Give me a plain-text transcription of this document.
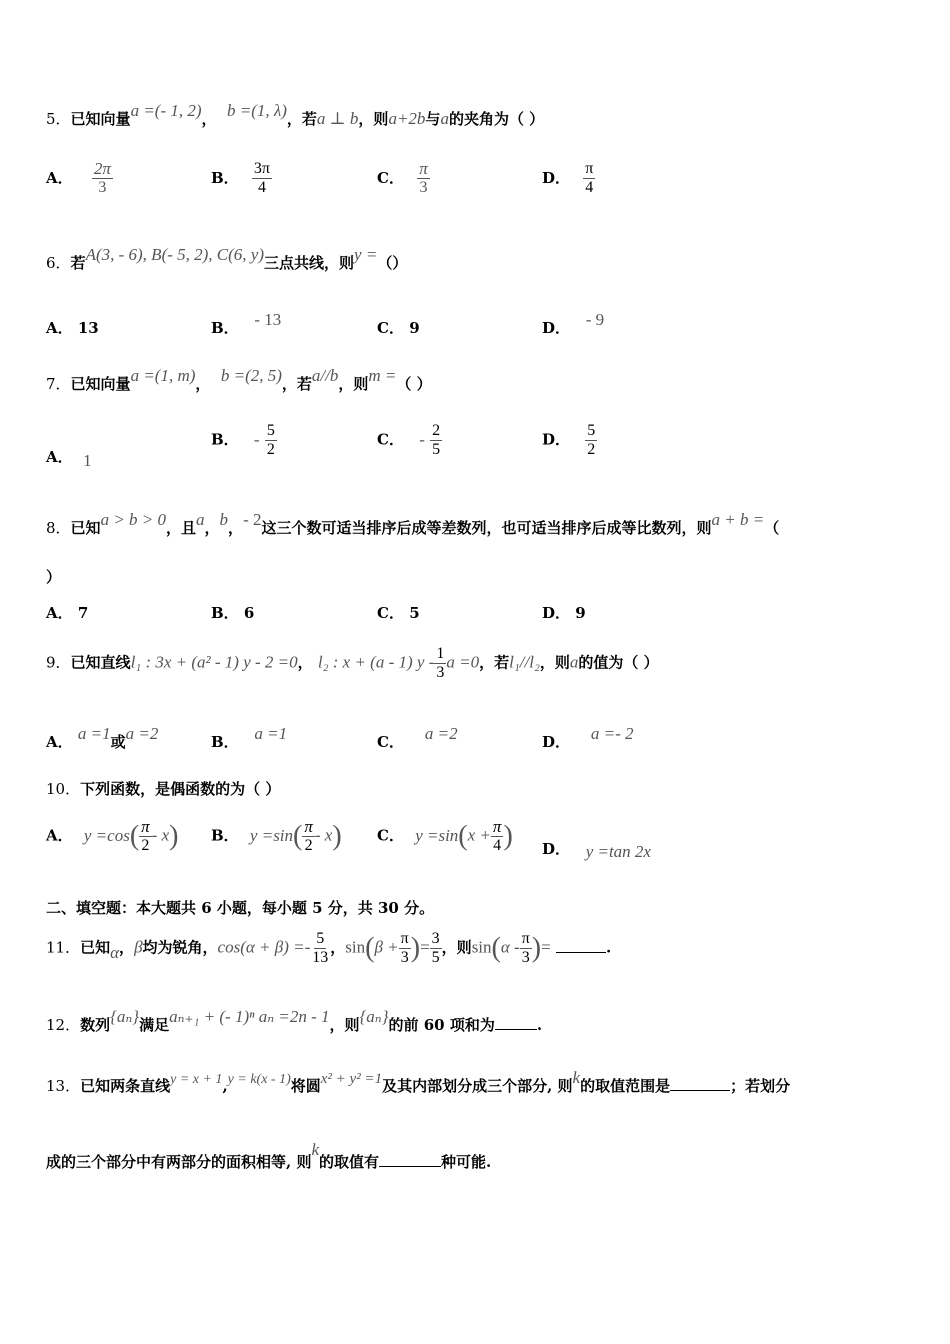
5．已知向量a =(- 1, 2)，  b =(1, λ)，若a ⊥ b，则a+2b与a的夹角为（ ）
A． $\frac{2\pi}{3}$	B． $\frac{3\pi}{4}$	C． $\frac{\pi}{3}$	D． $\frac{\pi}{4}$
6．若A(3, - 6), B(- 5, 2), C(6, y)三点共线，则y =（）
A． 13	B． - 13	C． 9	D． - 9
7．已知向量a =(1, m)，  b =(2, 5)，若a//b，则m =（ ）
A． 1
B． - $\frac{5}{2}$	C． - $\frac{2}{5}$	D． $\frac{5}{2}$
8．已知a > b > 0，且a，b，- 2这三个数可适当排序后成等差数列，也可适当排序后成等比数列，则a + b =（
）
A． 7	B． 6	C． 5	D． 9
9．已知直线l₁ : 3x + (a² - 1) y - 2 =0， l₂ : x + (a - 1) y - $\frac{1}{3}$ a =0，若l₁//l₂，则a的值为（ ）
A． a =1或a =2	B． a =1	C． a =2	D． a =- 2
10．下列函数，是偶函数的为（ ）
A． $y =\cos( \frac{\pi}{2} - x)$ B． $y =\sin( \frac{\pi}{2} - x)$ C． $y =\sin(x + \frac{\pi}{4}$ ) D． y =tan 2x
二、填空题：本大题共 6 小题，每小题 5 分，共 30 分。
11．已知α，β均为锐角，$\cos(\alpha + \beta) =- \frac{5}{13}$ ，$\sin(\beta + \frac{\pi}{3}$ )= $\frac{3}{5}$ ，则$\sin(\alpha - \frac{\pi}{3}$ )=	.
12．数列{aₙ}满足aₙ₊₁ + (- 1)ⁿ aₙ =2n - 1，则{aₙ}的前 60 项和为	.
13．已知两条直线y = x + 1,y = k(x - 1)将圆x² + y² =1及其内部划分成三个部分, 则k的取值范围是	；若划分
成的三个部分中有两部分的面积相等, 则k的取值有	种可能.
